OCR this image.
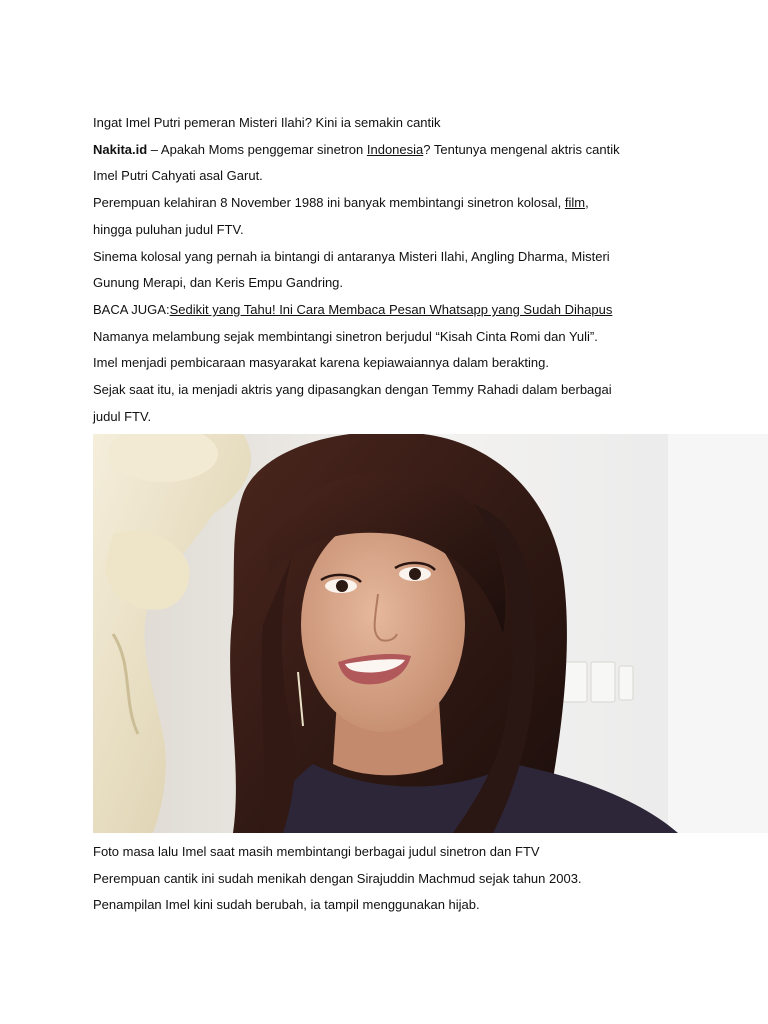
Ingat Imel Putri pemeran Misteri Ilahi? Kini ia semakin cantik
Nakita.id – Apakah Moms penggemar sinetron Indonesia? Tentunya mengenal aktris cantik
Imel Putri Cahyati asal Garut.
Perempuan kelahiran 8 November 1988 ini banyak membintangi sinetron kolosal, film,
hingga puluhan judul FTV.
Sinema kolosal yang pernah ia bintangi di antaranya Misteri Ilahi, Angling Dharma, Misteri
Gunung Merapi, dan Keris Empu Gandring.
BACA JUGA:Sedikit yang Tahu! Ini Cara Membaca Pesan Whatsapp yang Sudah Dihapus
Namanya melambung sejak membintangi sinetron berjudul “Kisah Cinta Romi dan Yuli”.
Imel menjadi pembicaraan masyarakat karena kepiawaiannya dalam berakting.
Sejak saat itu, ia menjadi aktris yang dipasangkan dengan Temmy Rahadi dalam berbagai
judul FTV.
Foto masa lalu Imel saat masih membintangi berbagai judul sinetron dan FTV
Perempuan cantik ini sudah menikah dengan Sirajuddin Machmud sejak tahun 2003.
Penampilan Imel kini sudah berubah, ia tampil menggunakan hijab.
